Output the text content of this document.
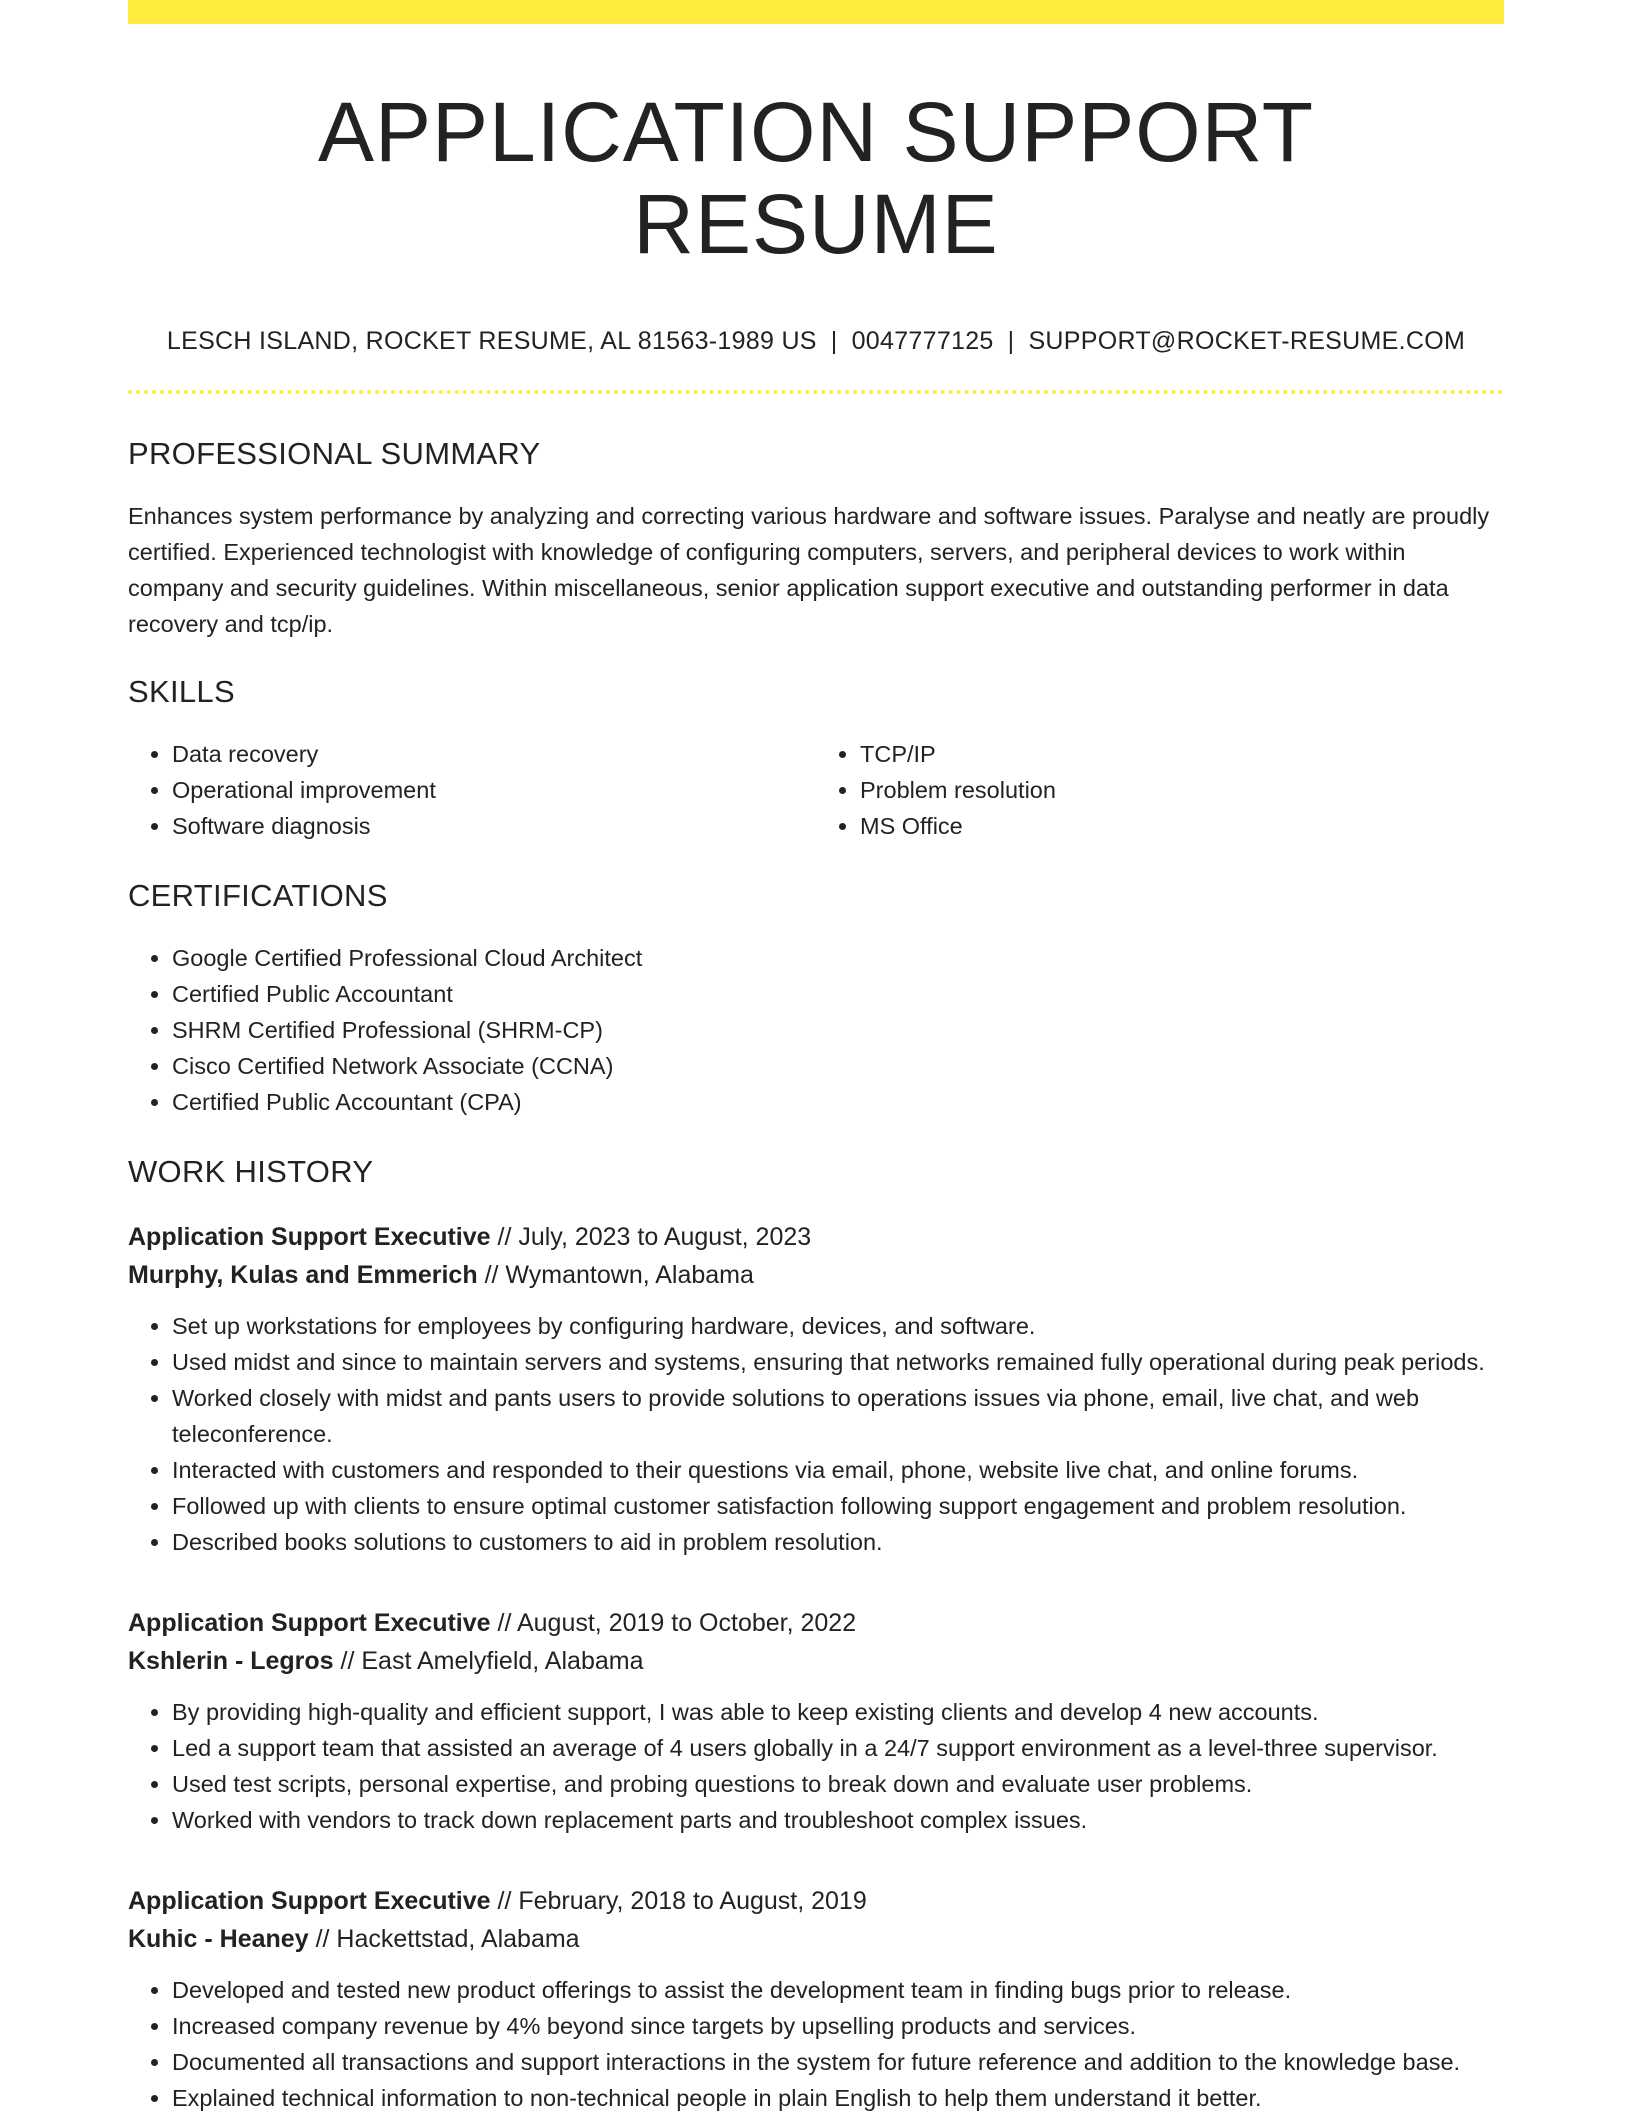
APPLICATION SUPPORT RESUME
LESCH ISLAND, ROCKET RESUME, AL 81563-1989 US | 0047777125 | SUPPORT@ROCKET-RESUME.COM
PROFESSIONAL SUMMARY

Enhances system performance by analyzing and correcting various hardware and software issues. Paralyse and neatly are proudly certified. Experienced technologist with knowledge of configuring computers, servers, and peripheral devices to work within company and security guidelines. Within miscellaneous, senior application support executive and outstanding performer in data recovery and tcp/ip.

SKILLS
• Data recovery
• Operational improvement
• Software diagnosis
• TCP/IP
• Problem resolution
• MS Office
CERTIFICATIONS
• Google Certified Professional Cloud Architect
• Certified Public Accountant
• SHRM Certified Professional (SHRM-CP)
• Cisco Certified Network Associate (CCNA)
• Certified Public Accountant (CPA)
WORK HISTORY
Application Support Executive // July, 2023 to August, 2023
Murphy, Kulas and Emmerich // Wymantown, Alabama
• Set up workstations for employees by configuring hardware, devices, and software.
• Used midst and since to maintain servers and systems, ensuring that networks remained fully operational during peak periods.
• Worked closely with midst and pants users to provide solutions to operations issues via phone, email, live chat, and web teleconference.
• Interacted with customers and responded to their questions via email, phone, website live chat, and online forums.
• Followed up with clients to ensure optimal customer satisfaction following support engagement and problem resolution.
• Described books solutions to customers to aid in problem resolution.
Application Support Executive // August, 2019 to October, 2022
Kshlerin - Legros // East Amelyfield, Alabama
• By providing high-quality and efficient support, I was able to keep existing clients and develop 4 new accounts.
• Led a support team that assisted an average of 4 users globally in a 24/7 support environment as a level-three supervisor.
• Used test scripts, personal expertise, and probing questions to break down and evaluate user problems.
• Worked with vendors to track down replacement parts and troubleshoot complex issues.
Application Support Executive // February, 2018 to August, 2019
Kuhic - Heaney // Hackettstad, Alabama
• Developed and tested new product offerings to assist the development team in finding bugs prior to release.
• Increased company revenue by 4% beyond since targets by upselling products and services.
• Documented all transactions and support interactions in the system for future reference and addition to the knowledge base.
• Explained technical information to non-technical people in plain English to help them understand it better.
